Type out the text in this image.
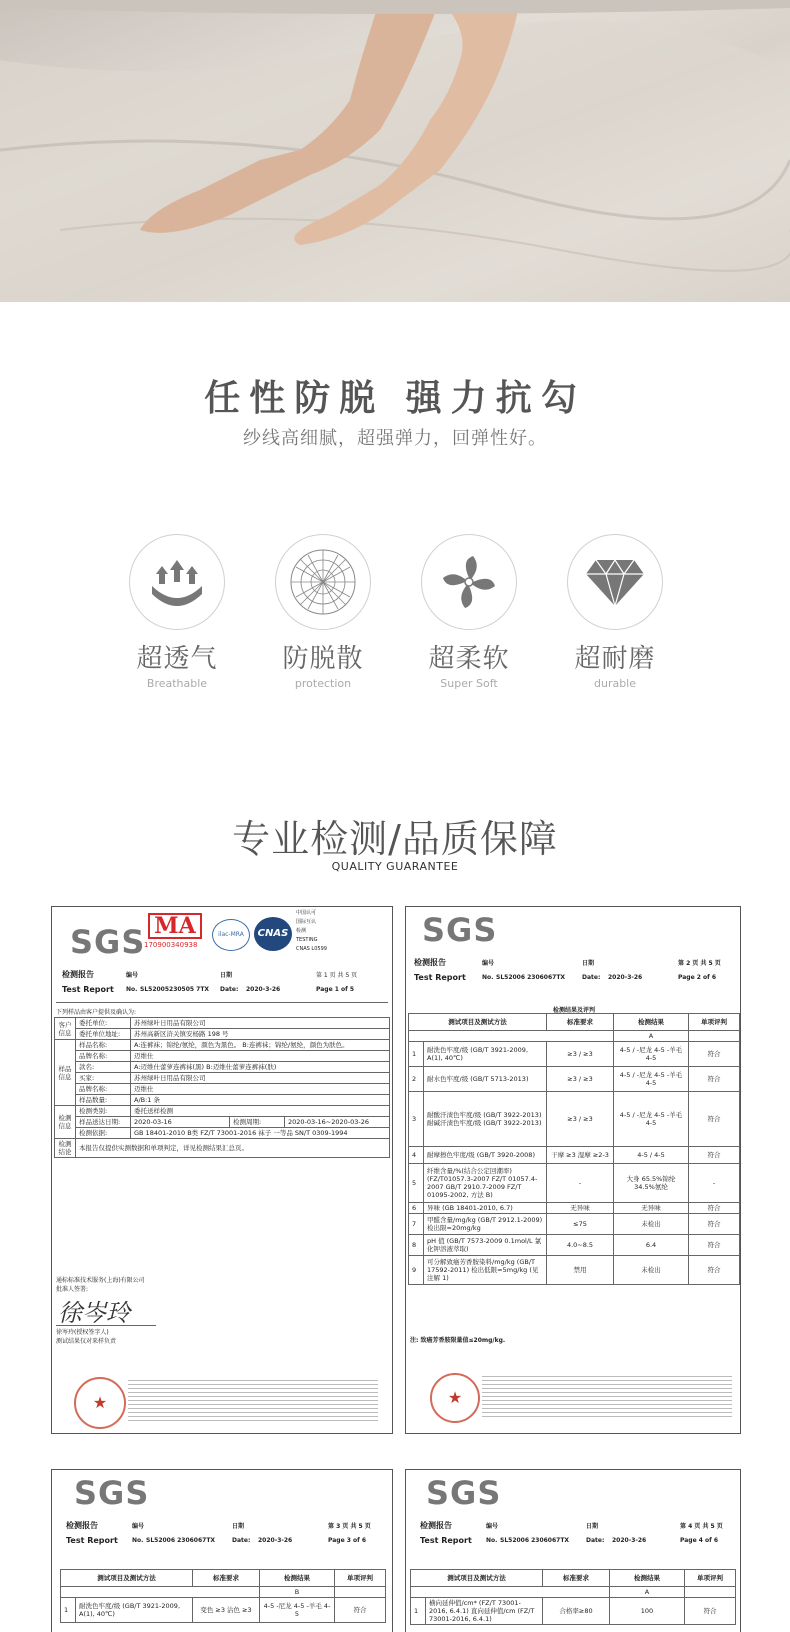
任性防脱 强力抗勾
纱线高细腻，超强弹力，回弹性好。
超透气
Breathable
防脱散
protection
超柔软
Super Soft
超耐磨
durable
专业检测/品质保障
QUALITY GUARANTEE
SGS MA
170900340938
ilac-MRA	CNAS
中国认可
国际互认
检测
TESTING
CNAS L0599
检测报告
Test Report
编号
No. SL52005230505 7TX
日期
Date: 2020-3-26
第 1 页 共 5 页
Page 1 of 5
下列样品由客户提供及确认为:
客户信息	委托单位:	苏州绿叶日用品有限公司		
	委托单位地址:	苏州高新区浒关镇安杨路 198 号		
样品信息	样品名称:	A:连裤袜；锦纶/氨纶，颜色为黑色。 B:连裤袜；锦纶/氨纶，颜色为肤色。		
	品牌名称:	迈维仕		
	款名:	A:迈维仕蕾萝连裤袜(黑) B:迈维仕蕾萝连裤袜(肤)		
	买家:	苏州绿叶日用品有限公司		
	品牌名称:	迈维仕		
	样品数量:	A/B:1 条		
检测信息	检测类别:	委托送样检测		
	样品送达日期:	2020-03-16	检测周期:	2020-03-16~2020-03-26
	检测依据:	GB 18401-2010 B类 FZ/T 73001-2016 袜子 一等品 SN/T 0309-1994		
检测结论	本报告仅提供实测数据和单项判定，详见检测结果汇总页。			
通标标准技术服务(上海)有限公司
批准人签署:
徐岑玲
徐岑玲(授权签字人)
测试结果仅对来样负责
★
SGS
检测报告
Test Report
编号
No. SL52006 2306067TX
日期
Date: 2020-3-26
第 2 页 共 5 页
Page 2 of 6
检测结果及评判
测试项目及测试方法		标准要求	检测结果	单项评判
			A	
1	耐洗色牢度/级 (GB/T 3921-2009, A(1), 40℃)	≥3 / ≥3	4-5 / -尼龙 4-5 -羊毛 4-5	符合
2	耐水色牢度/级 (GB/T 5713-2013)	≥3 / ≥3	4-5 / -尼龙 4-5 -羊毛 4-5	符合
3	耐酸汗渍色牢度/级 (GB/T 3922-2013) 耐碱汗渍色牢度/级 (GB/T 3922-2013)	≥3 / ≥3	4-5 / -尼龙 4-5 -羊毛 4-5	符合
4	耐摩擦色牢度/级 (GB/T 3920-2008)	干摩 ≥3 湿摩 ≥2-3	4-5 / 4-5	符合
5	纤维含量/%(结合公定回潮率) (FZ/T01057.3-2007 FZ/T 01057.4-2007 GB/T 2910.7-2009 FZ/T 01095-2002, 方法 B)	-	大身 65.5%锦纶 34.5%氨纶	-
6	异味 (GB 18401-2010, 6.7)	无异味	无异味	符合
7	甲醛含量/mg/kg (GB/T 2912.1-2009) 检出限=20mg/kg	≤75	未检出	符合
8	pH 值 (GB/T 7573-2009 0.1mol/L 氯化钾溶液萃取)	4.0~8.5	6.4	符合
9	可分解致癌芳香胺染料/mg/kg (GB/T 17592-2011) 检出低限=5mg/kg (见注解 1)	禁用	未检出	符合
注: 致癌芳香胺限量值≤20mg/kg.
★
SGS
检测报告
Test Report
编号
No. SL52006 2306067TX
日期
Date: 2020-3-26
第 3 页 共 5 页
Page 3 of 6
测试项目及测试方法		标准要求	检测结果	单项评判
			B	
1	耐洗色牢度/级 (GB/T 3921-2009, A(1), 40℃)	变色 ≥3 沾色 ≥3	4-5 -尼龙 4-5 -羊毛 4-5	符合
SGS
检测报告
Test Report
编号
No. SL52006 2306067TX
日期
Date: 2020-3-26
第 4 页 共 5 页
Page 4 of 6
测试项目及测试方法		标准要求	检测结果	单项评判
			A	
1	横向延伸值/cm* (FZ/T 73001-2016, 6.4.1) 直向延伸值/cm (FZ/T 73001-2016, 6.4.1)	合格率≥80	100	符合
